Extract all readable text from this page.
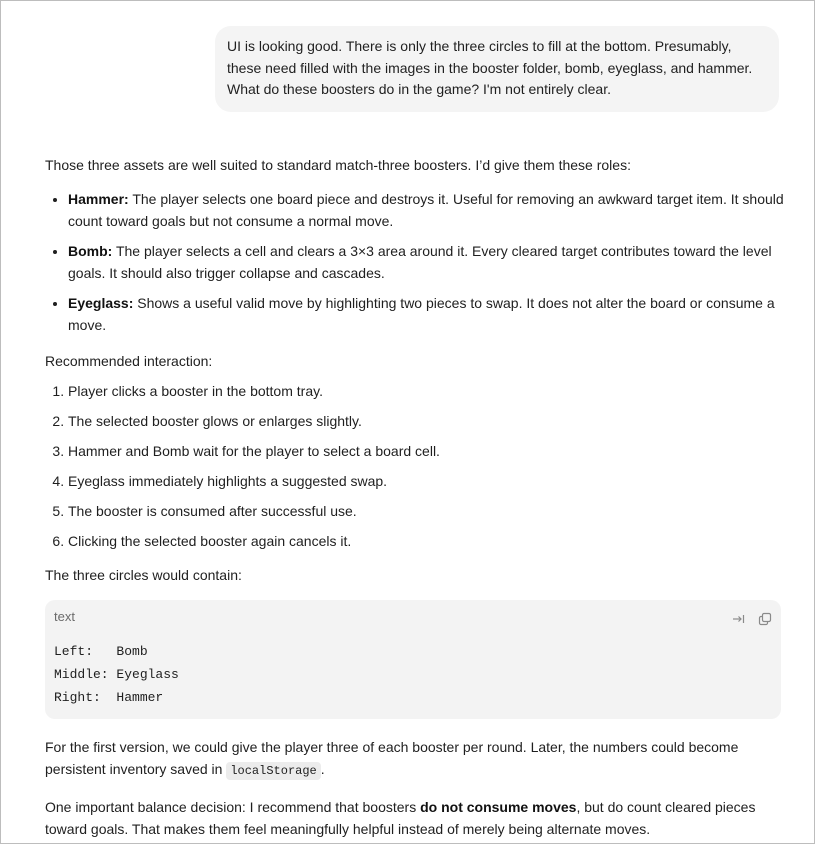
UI is looking good. There is only the three circles to fill at the bottom. Presumably, these need filled with the images in the booster folder, bomb, eyeglass, and hammer. What do these boosters do in the game? I'm not entirely clear.

Those three assets are well suited to standard match-three boosters. I’d give them these roles:

• Hammer: The player selects one board piece and destroys it. Useful for removing an awkward target item. It should count toward goals but not consume a normal move.
• Bomb: The player selects a cell and clears a 3×3 area around it. Every cleared target contributes toward the level goals. It should also trigger collapse and cascades.
• Eyeglass: Shows a useful valid move by highlighting two pieces to swap. It does not alter the board or consume a move.

Recommended interaction:

1. Player clicks a booster in the bottom tray.
2. The selected booster glows or enlarges slightly.
3. Hammer and Bomb wait for the player to select a board cell.
4. Eyeglass immediately highlights a suggested swap.
5. The booster is consumed after successful use.
6. Clicking the selected booster again cancels it.

The three circles would contain:

text
Left:   Bomb
Middle: Eyeglass
Right:  Hammer

For the first version, we could give the player three of each booster per round. Later, the numbers could become persistent inventory saved in localStorage .

One important balance decision: I recommend that boosters do not consume moves, but do count cleared pieces toward goals. That makes them feel meaningfully helpful instead of merely being alternate moves.
